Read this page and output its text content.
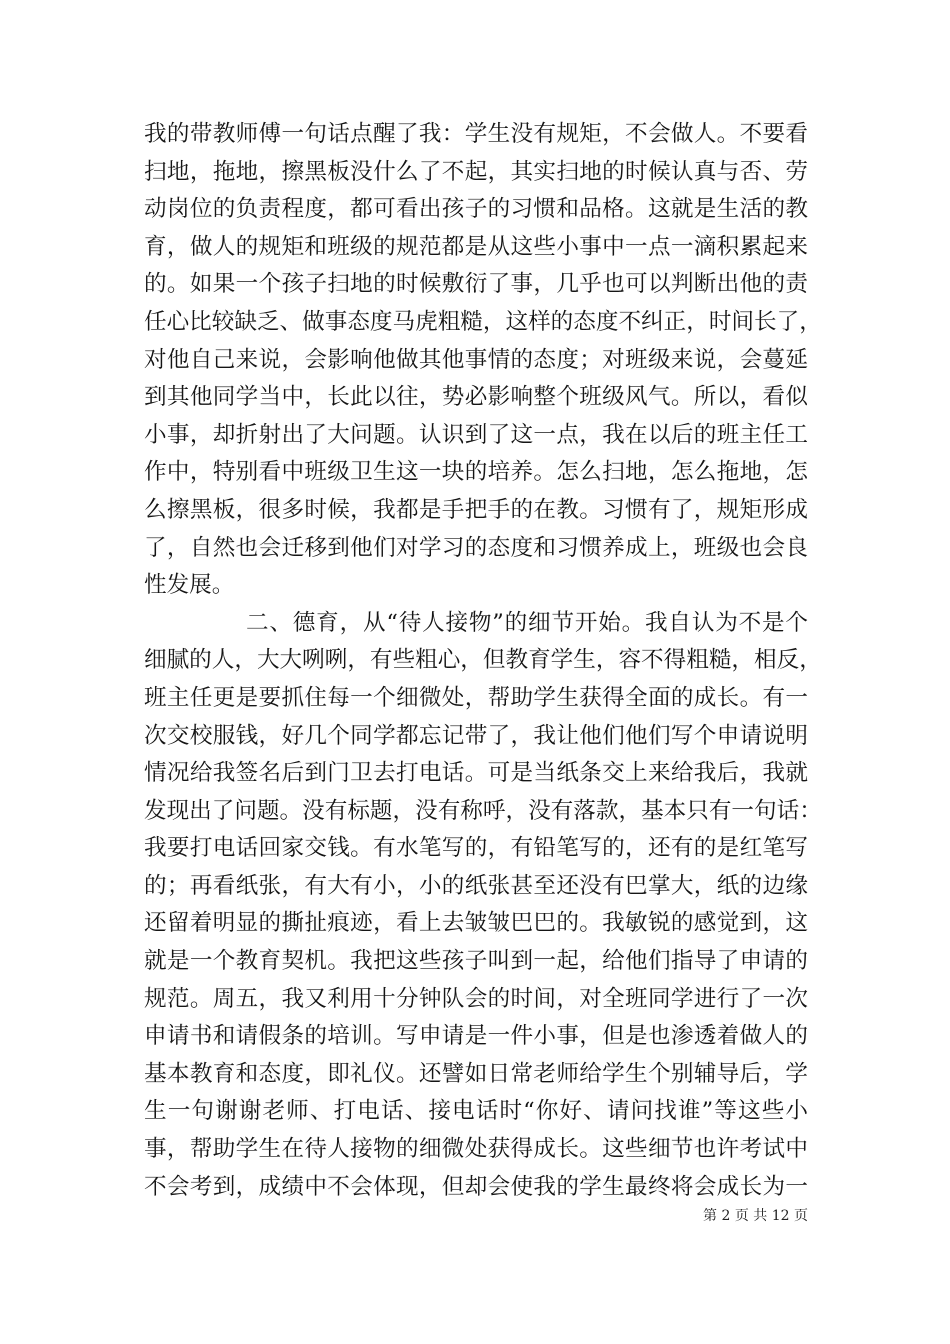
我的带教师傅一句话点醒了我：学生没有规矩，不会做人。不要看
扫地，拖地，擦黑板没什么了不起，其实扫地的时候认真与否、劳
动岗位的负责程度，都可看出孩子的习惯和品格。这就是生活的教
育，做人的规矩和班级的规范都是从这些小事中一点一滴积累起来
的。如果一个孩子扫地的时候敷衍了事，几乎也可以判断出他的责
任心比较缺乏、做事态度马虎粗糙，这样的态度不纠正，时间长了，
对他自己来说，会影响他做其他事情的态度；对班级来说，会蔓延
到其他同学当中，长此以往，势必影响整个班级风气。所以，看似
小事，却折射出了大问题。认识到了这一点，我在以后的班主任工
作中，特别看中班级卫生这一块的培养。怎么扫地，怎么拖地，怎
么擦黑板，很多时候，我都是手把手的在教。习惯有了，规矩形成
了，自然也会迁移到他们对学习的态度和习惯养成上，班级也会良
性发展。
二、德育，从“待人接物”的细节开始。我自认为不是个
细腻的人，大大咧咧，有些粗心，但教育学生，容不得粗糙，相反，
班主任更是要抓住每一个细微处，帮助学生获得全面的成长。有一
次交校服钱，好几个同学都忘记带了，我让他们他们写个申请说明
情况给我签名后到门卫去打电话。可是当纸条交上来给我后，我就
发现出了问题。没有标题，没有称呼，没有落款，基本只有一句话：
我要打电话回家交钱。有水笔写的，有铅笔写的，还有的是红笔写
的；再看纸张，有大有小，小的纸张甚至还没有巴掌大，纸的边缘
还留着明显的撕扯痕迹，看上去皱皱巴巴的。我敏锐的感觉到，这
就是一个教育契机。我把这些孩子叫到一起，给他们指导了申请的
规范。周五，我又利用十分钟队会的时间，对全班同学进行了一次
申请书和请假条的培训。写申请是一件小事，但是也渗透着做人的
基本教育和态度，即礼仪。还譬如日常老师给学生个别辅导后，学
生一句谢谢老师、打电话、接电话时“你好、请问找谁”等这些小
事，帮助学生在待人接物的细微处获得成长。这些细节也许考试中
不会考到，成绩中不会体现，但却会使我的学生最终将会成长为一
第 2 页 共 12 页
